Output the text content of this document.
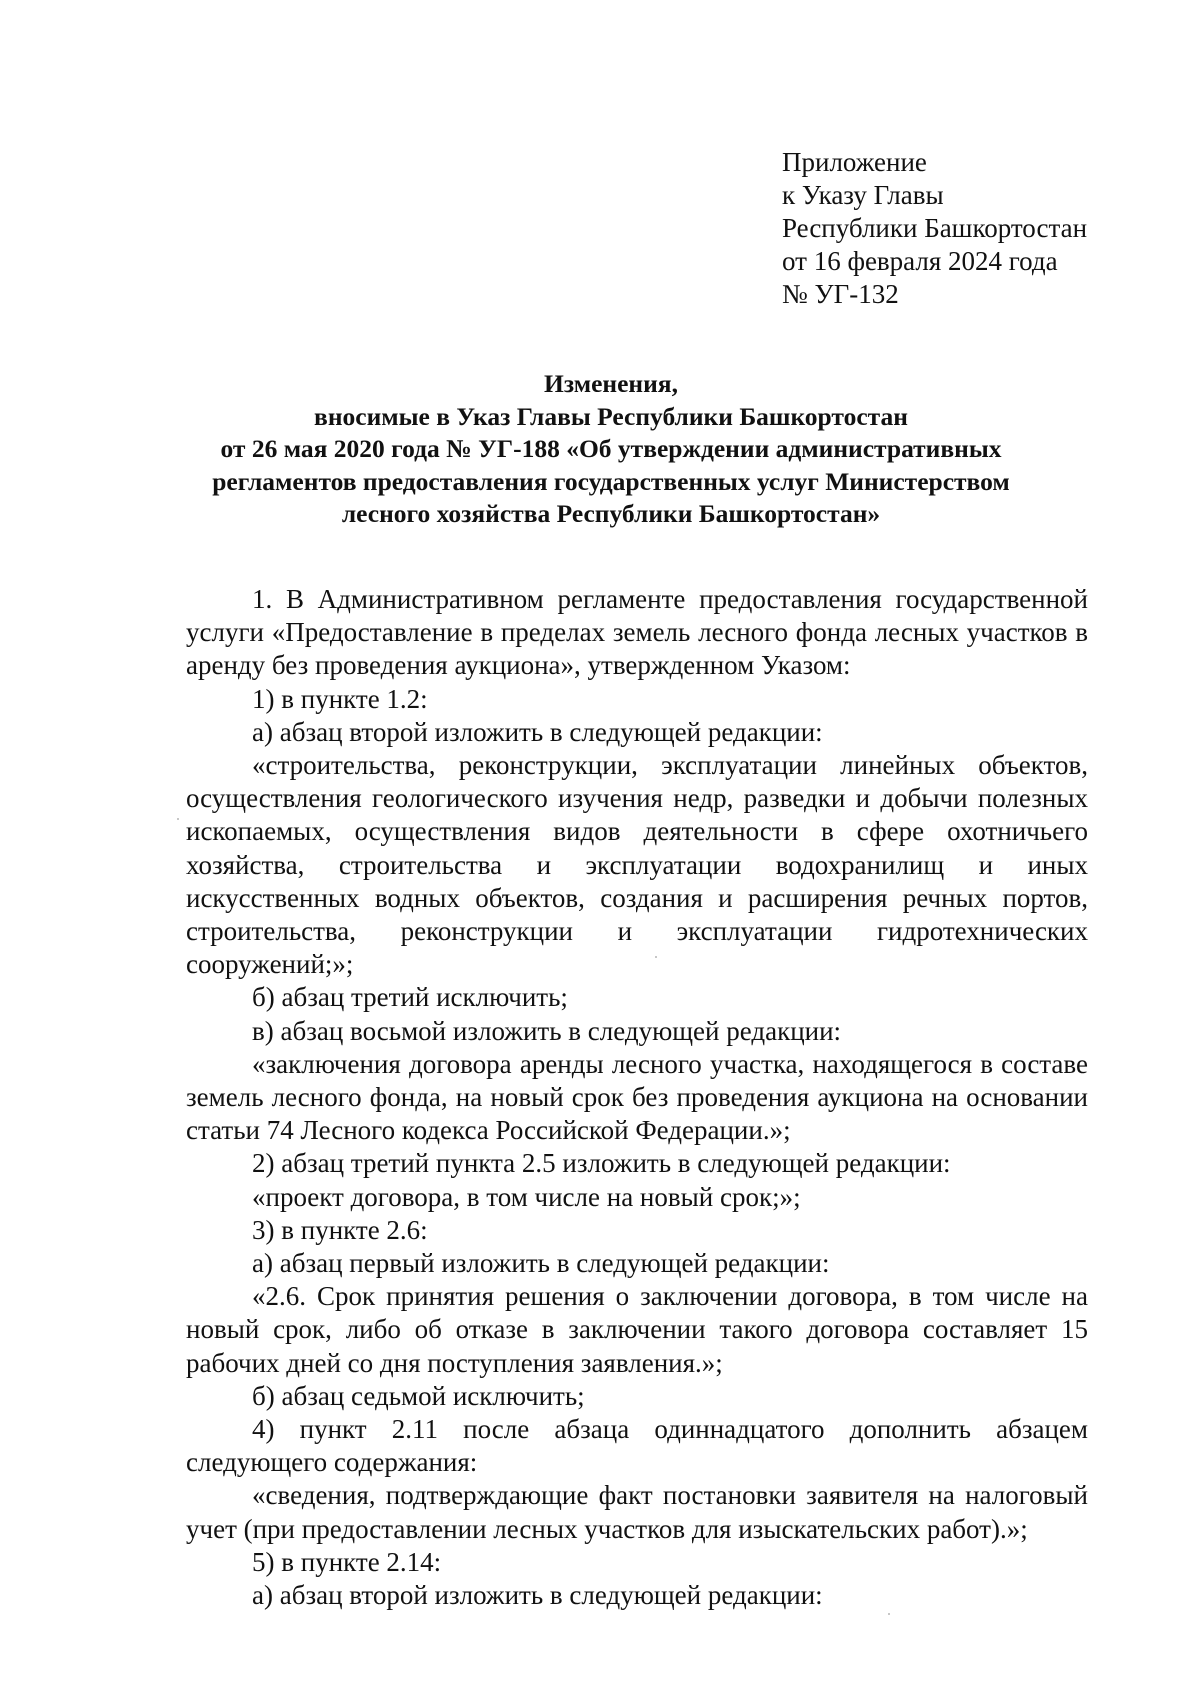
Приложение
к Указу Главы
Республики Башкортостан
от 16 февраля 2024 года
№ УГ-132
Изменения,
вносимые в Указ Главы Республики Башкортостан
от 26 мая 2020 года № УГ-188 «Об утверждении административных
регламентов предоставления государственных услуг Министерством
лесного хозяйства Республики Башкортостан»

1. В Административном регламенте предоставления государственной услуги «Предоставление в пределах земель лесного фонда лесных участков в аренду без проведения аукциона», утвержденном Указом:

1) в пункте 1.2:

а) абзац второй изложить в следующей редакции:

«строительства, реконструкции, эксплуатации линейных объектов, осуществления геологического изучения недр, разведки и добычи полезных ископаемых, осуществления видов деятельности в сфере охотничьего хозяйства, строительства и эксплуатации водохранилищ и иных искусственных водных объектов, создания и расширения речных портов, строительства, реконструкции и эксплуатации гидротехнических сооружений;»;

б) абзац третий исключить;

в) абзац восьмой изложить в следующей редакции:

«заключения договора аренды лесного участка, находящегося в составе земель лесного фонда, на новый срок без проведения аукциона на основании статьи 74 Лесного кодекса Российской Федерации.»;

2) абзац третий пункта 2.5 изложить в следующей редакции:

«проект договора, в том числе на новый срок;»;

3) в пункте 2.6:

а) абзац первый изложить в следующей редакции:

«2.6. Срок принятия решения о заключении договора, в том числе на новый срок, либо об отказе в заключении такого договора составляет 15 рабочих дней со дня поступления заявления.»;

б) абзац седьмой исключить;

4) пункт 2.11 после абзаца одиннадцатого дополнить абзацем следующего содержания:

«сведения, подтверждающие факт постановки заявителя на налоговый учет (при предоставлении лесных участков для изыскательских работ).»;

5) в пункте 2.14:

а) абзац второй изложить в следующей редакции:
